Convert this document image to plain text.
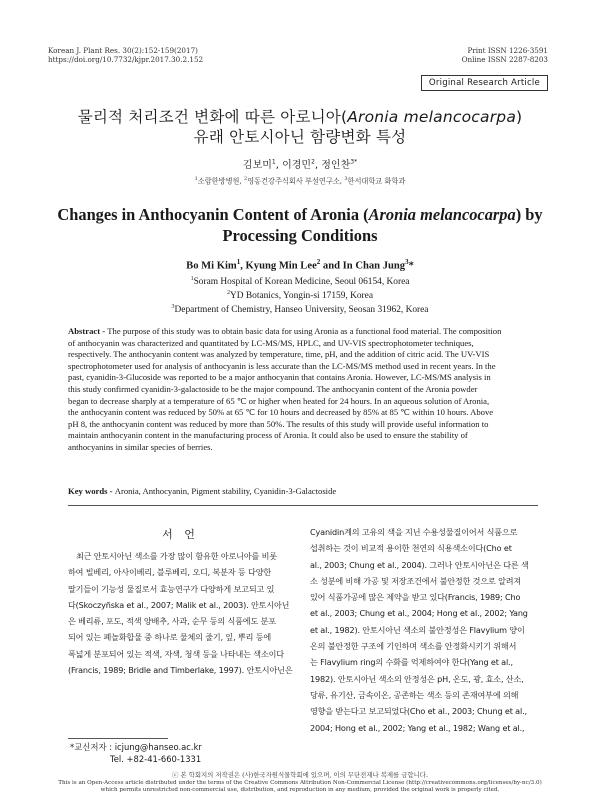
Korean J. Plant Res. 30(2):152-159(2017)
https://doi.org/10.7732/kjpr.2017.30.2.152
Print ISSN 1226-3591
Online ISSN 2287-8203
Original Research Article
물리적 처리조건 변화에 따른 아로니아(Aronia melancocarpa)
유래 안토시아닌 함량변화 특성
김보미$^1$, 이경민$^2$, 정인찬$^{3*}$
$^1$소람한방병원, $^2$영동건강주식회사 부설연구소, $^3$한서대학교 화학과
Changes in Anthocyanin Content of Aronia (Aronia melancocarpa) by
Processing Conditions
Bo Mi Kim$^1$, Kyung Min Lee$^2$ and In Chan Jung$^3$*
$^1$Soram Hospital of Korean Medicine, Seoul 06154, Korea
$^2$YD Botanics, Yongin-si 17159, Korea
$^3$Department of Chemistry, Hanseo University, Seosan 31962, Korea
Abstract - The purpose of this study was to obtain basic data for using Aronia as a functional food material. The composition
of anthocyanin was characterized and quantitated by LC-MS/MS, HPLC, and UV-VIS spectrophotometer techniques,
respectively. The anthocyanin content was analyzed by temperature, time, pH, and the addition of citric acid. The UV-VIS
spectrophotometer used for analysis of anthocyanin is less accurate than the LC-MS/MS method used in recent years. In the
past, cyanidin-3-Glucoside was reported to be a major anthocyanin that contains Aronia. However, LC-MS/MS analysis in
this study confirmed cyanidin-3-galactoside to be the major compound. The anthocyanin content of the Aronia powder
began to decrease sharply at a temperature of 65 ℃ or higher when heated for 24 hours. In an aqueous solution of Aronia,
the anthocyanin content was reduced by 50% at 65 ℃ for 10 hours and decreased by 85% at 85 ℃ within 10 hours. Above
pH 8, the anthocyanin content was reduced by more than 50%. The results of this study will provide useful information to
maintain anthocyanin content in the manufacturing process of Aronia. It could also be used to ensure the stability of
anthocyanins in similar species of berries.
Key words - Aronia, Anthocyanin, Pigment stability, Cyanidin-3-Galactoside
서 언
　최근 안토시아닌 색소를 가장 많이 함유한 아로니아를 비롯
하여 빌베리, 아사이베리, 블루베리, 오디, 복분자 등 다양한
딸기들이 기능성 물질로서 효능연구가 다양하게 보고되고 있
다(Skoczyñska et al., 2007; Malik et al., 2003). 안토시아닌
은 베리류, 포도, 적색 양배추, 사과, 순무 등의 식품에도 분포
되어 있는 폐놀화합물 중 하나로 물체의 줄기, 잎, 뿌리 등에
폭넓게 분포되어 있는 적색, 자색, 청색 등을 나타내는 색소이다
(Francis, 1989; Bridle and Timberlake, 1997). 안토시아닌은
Cyanidin계의 고유의 색을 지닌 수용성물질이어서 식품으로
섭취하는 것이 비교적 용이한 천연의 식용색소이다(Cho et
al., 2003; Chung et al., 2004). 그러나 안토시아닌은 다른 색
소 성분에 비해 가공 및 저장조건에서 불안정한 것으로 알려져
있어 식품가공에 많은 제약을 받고 있다(Francis, 1989; Cho
et al., 2003; Chung et al., 2004; Hong et al., 2002; Yang
et al., 1982). 안토시아닌 색소의 불안정성은 Flavylium 양이
온의 불안정한 구조에 기인하며 색소를 안정화시키기 위해서
는 Flavylium ring의 수화를 억제하여야 한다(Yang et al.,
1982). 안토시아닌 색소의 안정성은 pH, 온도, 광, 효소, 산소,
당류, 유기산, 금속이온, 공존하는 색소 등의 존재여부에 의해
영향을 받는다고 보고되었다(Cho et al., 2003; Chung et al.,
2004; Hong et al., 2002; Yang et al., 1982; Wang et al.,
*교신저자 : icjung@hanseo.ac.kr
Tel. +82-41-660-1331
ⓒ 본 학회지의 저작권은 (사)한국자원식물학회에 있으며, 이의 무단전재나 복제를 금합니다.
This is an Open-Access article distributed under the terms of the Creative Commons Attribution Non-Commercial License (http://creativecommons.org/licenses/by-nc/3.0)
which permits unrestricted non-commercial use, distribution, and reproduction in any medium, provided the original work is properly cited.
